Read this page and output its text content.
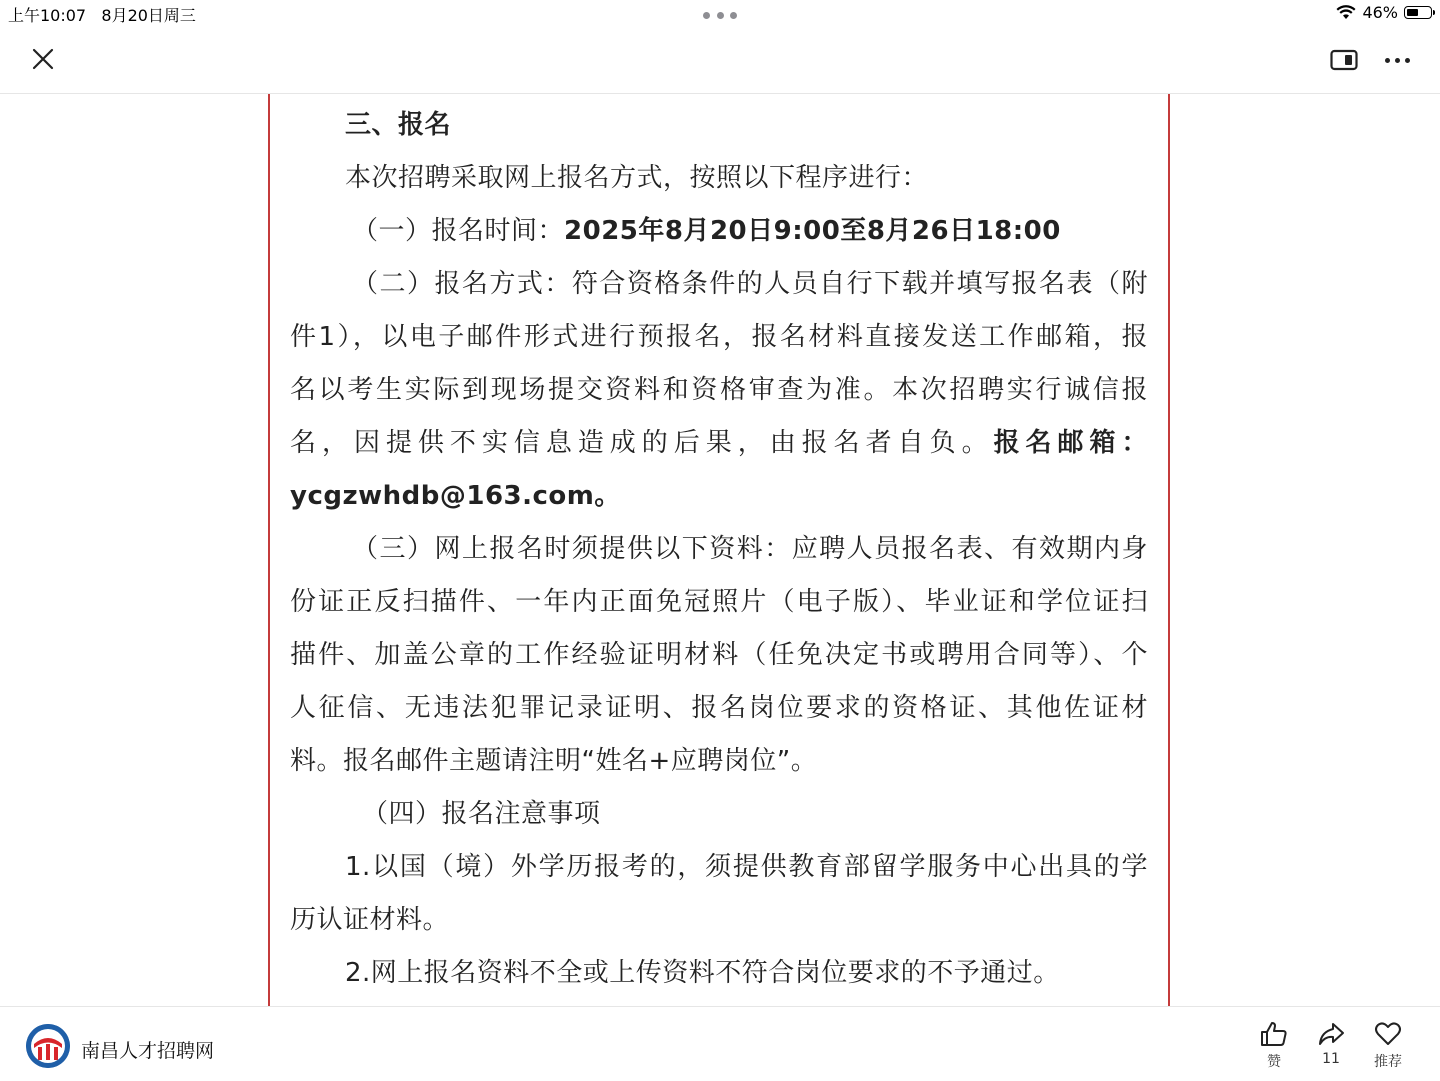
上午10:07 8月20日周三	46%
三、报名
本次招聘采取网上报名方式，按照以下程序进行：
（一）报名时间：2025年8月20日9:00至8月26日18:00
（二）报名方式：符合资格条件的人员自行下载并填写报名表（附
件1），以电子邮件形式进行预报名，报名材料直接发送工作邮箱，报
名以考生实际到现场提交资料和资格审查为准。本次招聘实行诚信报
名，因提供不实信息造成的后果，由报名者自负。报名邮箱：
ycgzwhdb@163.com。
（三）网上报名时须提供以下资料：应聘人员报名表、有效期内身
份证正反扫描件、一年内正面免冠照片（电子版）、毕业证和学位证扫
描件、加盖公章的工作经验证明材料（任免决定书或聘用合同等）、个
人征信、无违法犯罪记录证明、报名岗位要求的资格证、其他佐证材
料。报名邮件主题请注明“姓名+应聘岗位”。
（四）报名注意事项
1.以国（境）外学历报考的，须提供教育部留学服务中心出具的学
历认证材料。
2.网上报名资料不全或上传资料不符合岗位要求的不予通过。
南昌人才招聘网	赞	11	推荐
